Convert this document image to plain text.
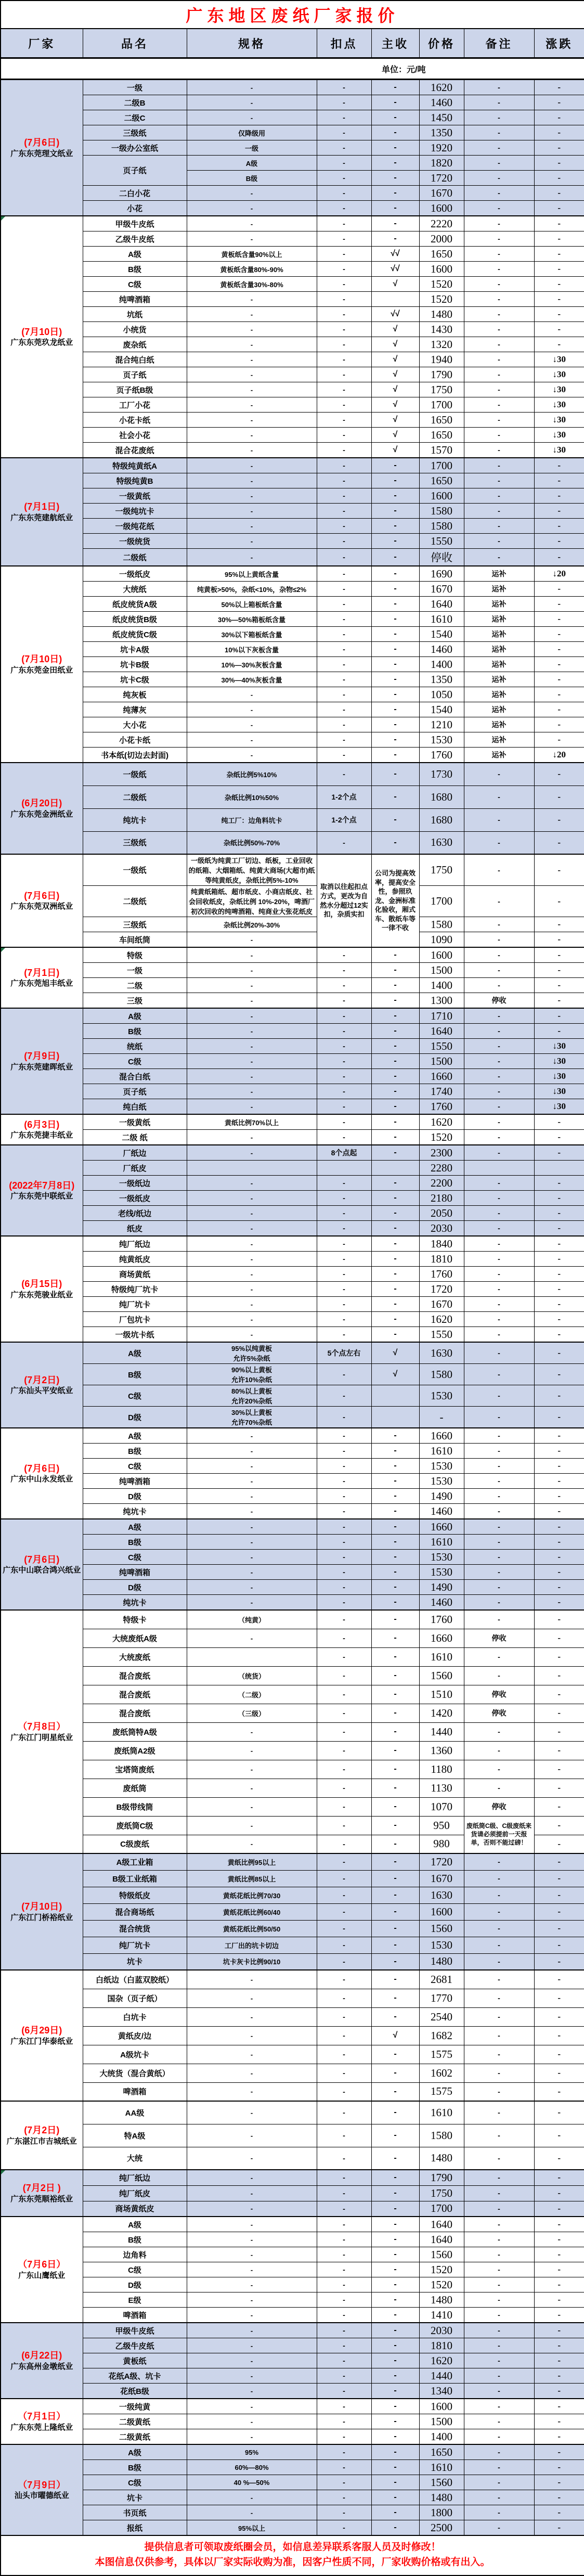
广东地区废纸厂家报价							
厂家	品名	规格	扣点	主收	价格	备注	涨跌
单位：元/吨							

(7月6日)
广东东莞理文纸业	一级	-	-	-	1620	-	-
	二级B	-	-	-	1460	-	-
	二级C	-	-	-	1450	-	-
	三级纸	仅降级用	-	-	1350	-	-
	一级办公室纸	一级	-	-	1920	-	-
	页子纸	A级	-	-	1820	-	-
		B级	-	-	1720	-	-
	二白小花	-	-	-	1670	-	-
	小花	-	-	-	1600	-	-

(7月10日)
广东东莞玖龙纸业	甲级牛皮纸	-	-	-	2220	-	-
	乙级牛皮纸	-	-	-	2000	-	-
	A级	黄板纸含量90%以上	-	√√	1650	-	-
	B级	黄板纸含量80%-90%	-	√√	1600	-	-
	C级	黄板纸含量30%-80%	-	√	1520	-	-
	纯啤酒箱	-	-		1520	-	-
	坑纸	-	-	√√	1480	-	-
	小统货	-	-	√	1430	-	-
	废杂纸	-	-	√	1320	-	-
	混合纯白纸	-	-	√	1940	-	↓30
	页子纸	-	-	√	1790	-	↓30
	页子纸B级	-	-	√	1750	-	↓30
	工厂小花	-	-	√	1700	-	↓30
	小花卡纸	-	-	√	1650	-	↓30
	社会小花	-	-	√	1650	-	↓30
	混合花废纸	-	-	√	1570	-	↓30

(7月1日)
广东东莞建航纸业	特级纯黄纸A	-	-	-	1700	-	-
	特级纯黄B	-	-	-	1650	-	-
	一级黄纸	-	-	-	1600	-	-
	一级纯坑卡	-	-	-	1580	-	-
	一级纯花纸	-	-	-	1580	-	-
	一级统货	-	-	-	1550	-	-
	二级纸	-	-	-	停收	-	-

(7月10日)
广东东莞金田纸业	一级纸皮	95%以上黄纸含量	-	-	1690	运补	↓20
	大统纸	纯黄板>50%，杂纸<10%，杂物≤2%	-	-	1670	运补	-
	纸皮统货A级	50%以上箱板纸含量	-	-	1640	运补	-
	纸皮统货B级	30%—50%箱板纸含量	-	-	1610	运补	-
	纸皮统货C级	30%以下箱板纸含量	-	-	1540	运补	-
	坑卡A级	10%以下灰板含量	-	-	1460	运补	-
	坑卡B级	10%—30%灰板含量	-	-	1400	运补	-
	坑卡C级	30%—40%灰板含量	-	-	1350	运补	-
	纯灰板	-	-	-	1050	运补	-
	纯薄灰	-	-	-	1540	运补	-
	大小花	-	-	-	1210	运补	-
	小花卡纸	-	-	-	1530	运补	-
	书本纸(切边去封面)	-	-	-	1760	运补	↓20

(6月20日)
广东东莞金洲纸业	一级纸	杂纸比例5%10%	-	-	1730	-	-
	二级纸	杂纸比例10%50%	1-2个点	-	1680	-	-
	纯坑卡	纯工厂：边角料坑卡	1-2个点	-	1680	-	-
	三级纸	杂纸比例50%-70%	-	-	1630	-	-

(7月6日)
广东东莞双洲纸业	一级纸	一级纸为纯黄工厂切边、纸板，工业回收的纸箱、大烟箱纸、纯黄大商场(大超市)纸等纯黄纸皮，杂纸比例5%-10%	取消以往起扣点方式，更改为自然水分超过12实扣，杂质实扣	公司为提高效率，提高安全性，参照玖龙、金洲标准化验收，厢式车、散纸车等一律不收	1750	-	-
	二级纸	纯黄纸箱纸、超市纸皮、小商店纸皮、社会回收纸皮，杂纸比例 10%-20%，啤酒厂初次回收的纯啤酒箱、纯商业大张花纸皮			1700	-	-
	三级纸	杂纸比例20%-30%			1580	-	-
	车间纸筒	-			1090	-	-

(7月1日)
广东东莞旭丰纸业	特级	-	-	-	1600	-	-
	一级	-	-	-	1500	-	-
	二级	-	-	-	1400	-	-
	三级	-	-	-	1300	停收	-

(7月9日)
广东东莞建晖纸业	A级	-	-	-	1710	-	-
	B级	-	-	-	1640	-	-
	统纸	-	-	-	1550	-	↓30
	C级	-	-	-	1500	-	↓30
	混合白纸	-	-	-	1660	-	↓30
	页子纸	-	-	-	1740	-	↓30
	纯白纸	-	-	-	1760	-	↓30

(6月3日)
广东东莞捷丰纸业	一级黄纸	黄纸比例70%以上	-	-	1620	-	-
	二级 纸	-	-	-	1520	-	-

(2022年7月8日)
广东东莞中联纸业	厂纸边	-	8个点起	-	2300	-	-
	厂纸皮				2280		
	一级纸边	-	-	-	2200	-	-
	一级纸皮	-	-	-	2180	-	-
	老线/纸边	-	-	-	2050	-	-
	纸皮	-	-	-	2030	-	-

(6月15日)
广东东莞骏业纸业	纯厂纸边	-	-	-	1840	-	-
	纯黄纸皮	-	-	-	1810	-	-
	商场黄纸	-	-	-	1760	-	-
	特级纯厂坑卡	-	-	-	1720	-	-
	纯厂坑卡	-	-	-	1670	-	-
	厂包坑卡	-	-	-	1620	-	-
	一级坑卡纸	-	-	-	1550	-	-

(7月2日)
广东汕头平安纸业
	A级	95%以纯黄板
允许5%杂纸	5个点左右	√	1630	-	-
	B级	90%以上黄板
允许10%杂纸	-	√	1580	-	-
	C级	80%以上黄板
允许20%杂纸	-		1530	-	-
	D级	30%以上黄板
允许70%杂纸	-		-	-	-

(7月6日)
广东中山永发纸业	A级	-	-	-	1660	-	-
	B级	-	-	-	1610	-	-
	C级	-	-	-	1530	-	-
	纯啤酒箱	-	-	-	1530	-	-
	D级	-	-	-	1490	-	-
	纯坑卡	-	-	-	1460	-	-

(7月6日)
广东中山联合鸿兴纸业	A级	-	-	-	1660	-	-
	B级	-	-	-	1610	-	-
	C级	-	-	-	1530	-	-
	纯啤酒箱	-	-	-	1530	-	-
	D级	-	-	-	1490	-	-
	纯坑卡	-	-	-	1460	-	-

（7月8日）
广东江门明星纸业	特级卡	（纯黄）	-	-	1760	-	-
	大统废纸A级	-	-	-	1660	停收	-
	大统废纸		-	-	1610	-	-
	混合废纸	（统货）	-	-	1560	-	-
	混合废纸	（二级）	-	-	1510	停收	-
	混合废纸	（三级）	-	-	1420	停收	-
	废纸筒特A级	-	-	-	1440	-	-
	废纸筒A2级	-	-	-	1360	-	-
	宝塔筒废纸	-	-	-	1180	-	-
	废纸筒	-	-	-	1130	-	-
	B级带线筒	-	-	-	1070	停收	-
	废纸筒C级	-	-	-	950	废纸筒C级、C级废纸来货请必须提前一天报单，否则不能过磅！	-
	C级废纸	-	-	-	980		-

(7月10日)
广东江门桥裕纸业	A级工业箱	黄纸比例95以上	-	-	1720	-	-
	B级工业纸箱	黄纸比例85以上	-	-	1670	-	-
	特级纸皮	黄纸花纸比例70/30	-	-	1630	-	-
	混合商场纸	黄纸花纸比例60/40	-	-	1600	-	-
	混合统货	黄纸花纸比例50/50	-	-	1560	-	-
	纯厂坑卡	工厂出的坑卡切边	-	-	1530	-	-
	坑卡	坑卡灰卡比例90/10	-	-	1480	-	-

(6月29日)
广东江门华泰纸业	白纸边（白蓝双胶纸）	-	-	-	2681	-	-
	国杂（页子纸）	-	-	-	1770	-	-
	白坑卡	-	-	-	2540	-	-
	黄纸皮/边	-	-	√	1682	-	-
	A级坑卡	-	-	-	1575	-	-
	大统货（混合黄纸）	-	-	-	1602	-	-
	啤酒箱	-	-	-	1575	-	-

(7月2日)
广东湛江市吉城纸业	AA级	-	-	-	1610	-	-
	特A级	-	-	-	1580	-	-
	大统	-	-	-	1480	-	-

(7月2日 )
广东东莞顺裕纸业	纯厂纸边	-	-	-	1790	-	-
	纯厂纸皮	-	-	-	1750	-	-
	商场黄纸皮	-	-	-	1700	-	-

（7月6日）
广东山鹰纸业	A级	-	-	-	1640	-	-
	B级	-	-	-	1640	-	-
	边角料	-	-	-	1560	-	-
	C级	-	-	-	1520	-	-
	D级	-	-	-	1520	-	-
	E级	-	-	-	1480	-	-
	啤酒箱	-	-	-	1410	-	-

(6月22日)
广东高州金墩纸业	甲级牛皮纸	-	-	-	2030	-	-
	乙级牛皮纸	-	-	-	1810	-	-
	黄板纸	-	-	-	1620	-	-
	花纸A级、坑卡	-	-	-	1440	-	-
	花纸B级	-	-	-	1340	-	-

（7月1日）
广东东莞上隆纸业	一级纯黄	-	-	-	1600	-	-
	二级黄纸	-	-	-	1500	-	-
	二级黄纸	-	-	-	1400	-	-

（7月9日）
汕头市曜德纸业	A级	95%	-	-	1650	-	-
	B级	60%—80%	-	-	1610	-	-
	C级	40 %—50%	-	-	1560	-	-
	坑卡	-	-	-	1480	-	-
	书页纸	-	-	-	1800	-	-
	报纸	95%以上	-	-	2500	-	-

提供信息者可领取废纸圈会员，如信息差异联系客服人员及时修改！
本图信息仅供参考，具体以厂家实际收购为准，因客户性质不同，厂家收购价格或有出入。							
